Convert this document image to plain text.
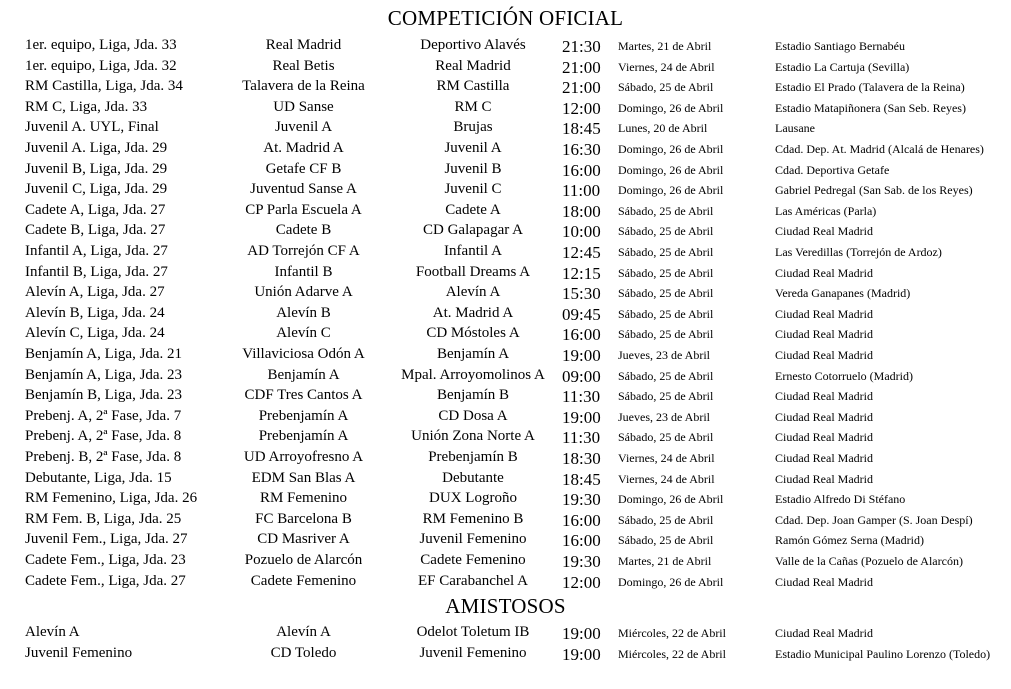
COMPETICIÓN OFICIAL
1er. equipo, Liga, Jda. 33	Real Madrid	Deportivo Alavés	21:30 Martes, 21 de Abril	Estadio Santiago Bernabéu
1er. equipo, Liga, Jda. 32	Real Betis	Real Madrid	21:00 Viernes, 24 de Abril	Estadio La Cartuja (Sevilla)
RM Castilla, Liga, Jda. 34	Talavera de la Reina	RM Castilla	21:00 Sábado, 25 de Abril	Estadio El Prado (Talavera de la Reina)
RM C, Liga, Jda. 33	UD Sanse	RM C	12:00 Domingo, 26 de Abril	Estadio Matapiñonera (San Seb. Reyes)
Juvenil A. UYL, Final	Juvenil A	Brujas	18:45 Lunes, 20 de Abril	Lausane
Juvenil A. Liga, Jda. 29	At. Madrid A	Juvenil A	16:30 Domingo, 26 de Abril	Cdad. Dep. At. Madrid (Alcalá de Henares)
Juvenil B, Liga, Jda. 29	Getafe CF B	Juvenil B	16:00 Domingo, 26 de Abril	Cdad. Deportiva Getafe
Juvenil C, Liga, Jda. 29	Juventud Sanse A	Juvenil C	11:00 Domingo, 26 de Abril	Gabriel Pedregal (San Sab. de los Reyes)
Cadete A, Liga, Jda. 27	CP Parla Escuela A	Cadete A	18:00 Sábado, 25 de Abril	Las Américas (Parla)
Cadete B, Liga, Jda. 27	Cadete B	CD Galapagar A	10:00 Sábado, 25 de Abril	Ciudad Real Madrid
Infantil A, Liga, Jda. 27	AD Torrejón CF A	Infantil A	12:45 Sábado, 25 de Abril	Las Veredillas (Torrejón de Ardoz)
Infantil B, Liga, Jda. 27	Infantil B	Football Dreams A	12:15 Sábado, 25 de Abril	Ciudad Real Madrid
Alevín A, Liga, Jda. 27	Unión Adarve A	Alevín A	15:30 Sábado, 25 de Abril	Vereda Ganapanes (Madrid)
Alevín B, Liga, Jda. 24	Alevín B	At. Madrid A	09:45 Sábado, 25 de Abril	Ciudad Real Madrid
Alevín C, Liga, Jda. 24	Alevín C	CD Móstoles A	16:00 Sábado, 25 de Abril	Ciudad Real Madrid
Benjamín A, Liga, Jda. 21	Villaviciosa Odón A	Benjamín A	19:00 Jueves, 23 de Abril	Ciudad Real Madrid
Benjamín A, Liga, Jda. 23	Benjamín A	Mpal. Arroyomolinos A	09:00 Sábado, 25 de Abril	Ernesto Cotorruelo (Madrid)
Benjamín B, Liga, Jda. 23	CDF Tres Cantos A	Benjamín B	11:30 Sábado, 25 de Abril	Ciudad Real Madrid
Prebenj. A, 2ª Fase, Jda. 7	Prebenjamín A	CD Dosa A	19:00 Jueves, 23 de Abril	Ciudad Real Madrid
Prebenj. A, 2ª Fase, Jda. 8	Prebenjamín A	Unión Zona Norte A	11:30 Sábado, 25 de Abril	Ciudad Real Madrid
Prebenj. B, 2ª Fase, Jda. 8	UD Arroyofresno A	Prebenjamín B	18:30 Viernes, 24 de Abril	Ciudad Real Madrid
Debutante, Liga, Jda. 15	EDM San Blas A	Debutante	18:45 Viernes, 24 de Abril	Ciudad Real Madrid
RM Femenino, Liga, Jda. 26	RM Femenino	DUX Logroño	19:30 Domingo, 26 de Abril	Estadio Alfredo Di Stéfano
RM Fem. B, Liga, Jda. 25	FC Barcelona B	RM Femenino B	16:00 Sábado, 25 de Abril	Cdad. Dep. Joan Gamper (S. Joan Despí)
Juvenil Fem., Liga, Jda. 27	CD Masriver A	Juvenil Femenino	16:00 Sábado, 25 de Abril	Ramón Gómez Serna (Madrid)
Cadete Fem., Liga, Jda. 23	Pozuelo de Alarcón	Cadete Femenino	19:30 Martes, 21 de Abril	Valle de la Cañas (Pozuelo de Alarcón)
Cadete Fem., Liga, Jda. 27	Cadete Femenino	EF Carabanchel A	12:00 Domingo, 26 de Abril	Ciudad Real Madrid
AMISTOSOS
Alevín A	Alevín A	Odelot Toletum IB	19:00 Miércoles, 22 de Abril	Ciudad Real Madrid
Juvenil Femenino	CD Toledo	Juvenil Femenino	19:00 Miércoles, 22 de Abril	Estadio Municipal Paulino Lorenzo (Toledo)
